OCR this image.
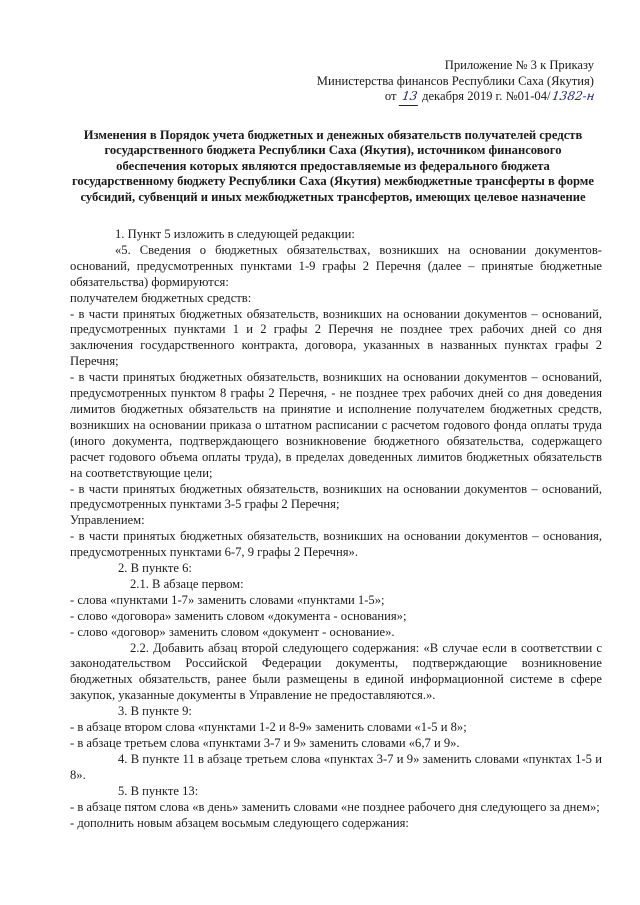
Приложение № 3 к Приказу
Министерства финансов Республики Саха (Якутия)
от 13 декабря 2019 г. №01-04/1382-н
Изменения в Порядок учета бюджетных и денежных обязательств получателей средств государственного бюджета Республики Саха (Якутия), источником финансового обеспечения которых являются предоставляемые из федерального бюджета государственному бюджету Республики Саха (Якутия) межбюджетные трансферты в форме субсидий, субвенций и иных межбюджетных трансфертов, имеющих целевое назначение

1. Пункт 5 изложить в следующей редакции:

«5. Сведения о бюджетных обязательствах, возникших на основании документов-оснований, предусмотренных пунктами 1-9 графы 2 Перечня (далее – принятые бюджетные обязательства) формируются:

получателем бюджетных средств:

- в части принятых бюджетных обязательств, возникших на основании документов – оснований, предусмотренных пунктами 1 и 2 графы 2 Перечня не позднее трех рабочих дней со дня заключения государственного контракта, договора, указанных в названных пунктах графы 2 Перечня;

- в части принятых бюджетных обязательств, возникших на основании документов – оснований, предусмотренных пунктом 8 графы 2 Перечня, - не позднее трех рабочих дней со дня доведения лимитов бюджетных обязательств на принятие и исполнение получателем бюджетных средств, возникших на основании приказа о штатном расписании с расчетом годового фонда оплаты труда (иного документа, подтверждающего возникновение бюджетного обязательства, содержащего расчет годового объема оплаты труда), в пределах доведенных лимитов бюджетных обязательств на соответствующие цели;

- в части принятых бюджетных обязательств, возникших на основании документов – оснований, предусмотренных пунктами 3-5 графы 2 Перечня;

Управлением:

- в части принятых бюджетных обязательств, возникших на основании документов – основания, предусмотренных пунктами 6-7, 9 графы 2 Перечня».

2. В пункте 6:

2.1. В абзаце первом:

- слова «пунктами 1-7» заменить словами «пунктами 1-5»;

- слово «договора» заменить словом «документа - основания»;

- слово «договор» заменить словом «документ - основание».

2.2. Добавить абзац второй следующего содержания: «В случае если в соответствии с законодательством Российской Федерации документы, подтверждающие возникновение бюджетных обязательств, ранее были размещены в единой информационной системе в сфере закупок, указанные документы в Управление не предоставляются.».

3. В пункте 9:

- в абзаце втором слова «пунктами 1-2 и 8-9» заменить словами «1-5 и 8»;

- в абзаце третьем слова «пунктами 3-7 и 9» заменить словами «6,7 и 9».

4. В пункте 11 в абзаце третьем слова «пунктах 3-7 и 9» заменить словами «пунктах 1-5 и 8».

5. В пункте 13:

- в абзаце пятом слова «в день» заменить словами «не позднее рабочего дня следующего за днем»;

- дополнить новым абзацем восьмым следующего содержания:
